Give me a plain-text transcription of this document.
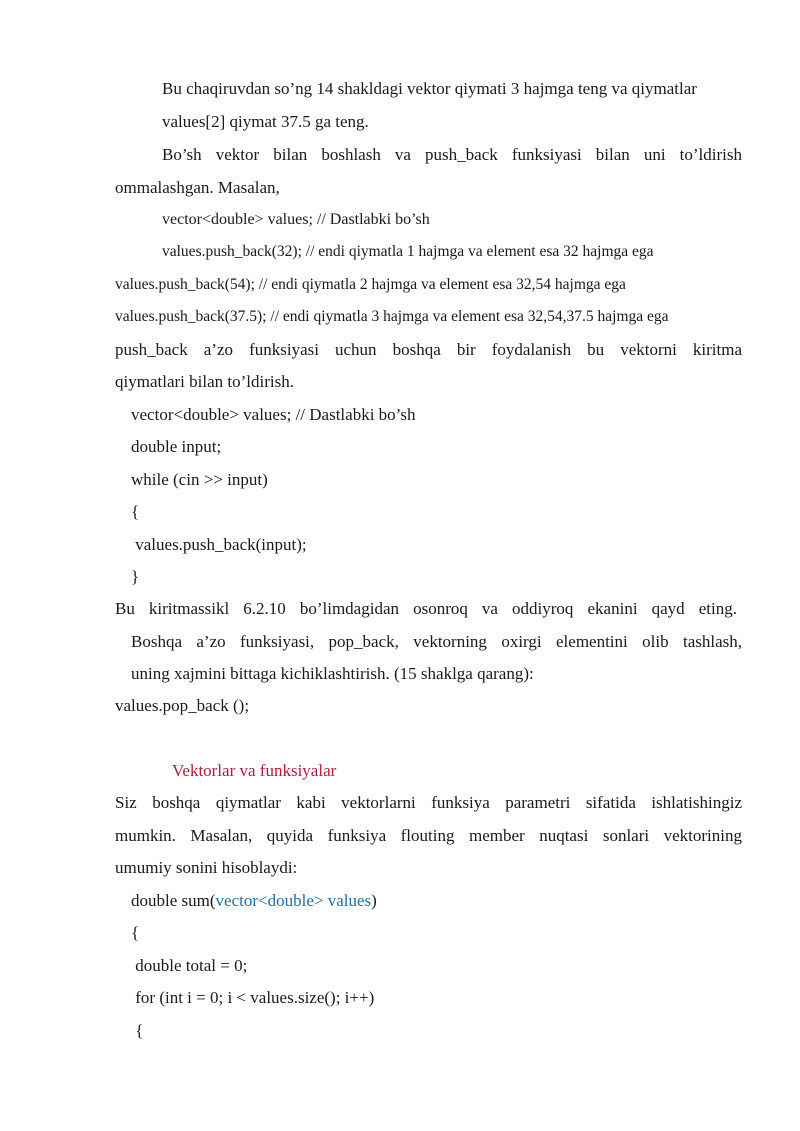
Bu chaqiruvdan so’ng 14 shakldagi vektor qiymati 3 hajmga teng va qiymatlar
values[2] qiymat 37.5 ga teng.
Bo’sh vektor bilan boshlash va push_back funksiyasi bilan uni to’ldirish
ommalashgan. Masalan,
vector<double> values; // Dastlabki bo’sh
values.push_back(32); // endi qiymatla 1 hajmga va element esa 32 hajmga ega
values.push_back(54); // endi qiymatla 2 hajmga va element esa 32,54 hajmga ega
values.push_back(37.5); // endi qiymatla 3 hajmga va element esa 32,54,37.5 hajmga ega
push_back a’zo funksiyasi uchun boshqa bir foydalanish bu vektorni kiritma
qiymatlari bilan to’ldirish.
vector<double> values; // Dastlabki bo’sh
double input;
while (cin >> input)
{
values.push_back(input);
}
Bu kiritmassikl 6.2.10 bo’limdagidan osonroq va oddiyroq ekanini qayd eting.
Boshqa a’zo funksiyasi, pop_back, vektorning oxirgi elementini olib tashlash,
uning xajmini bittaga kichiklashtirish. (15 shaklga qarang):
values.pop_back ();
Vektorlar va funksiyalar
Siz boshqa qiymatlar kabi vektorlarni funksiya parametri sifatida ishlatishingiz
mumkin. Masalan, quyida funksiya flouting member nuqtasi sonlari vektorining
umumiy sonini hisoblaydi:
double sum(vector<double> values)
{
double total = 0;
for (int i = 0; i < values.size(); i++)
{
